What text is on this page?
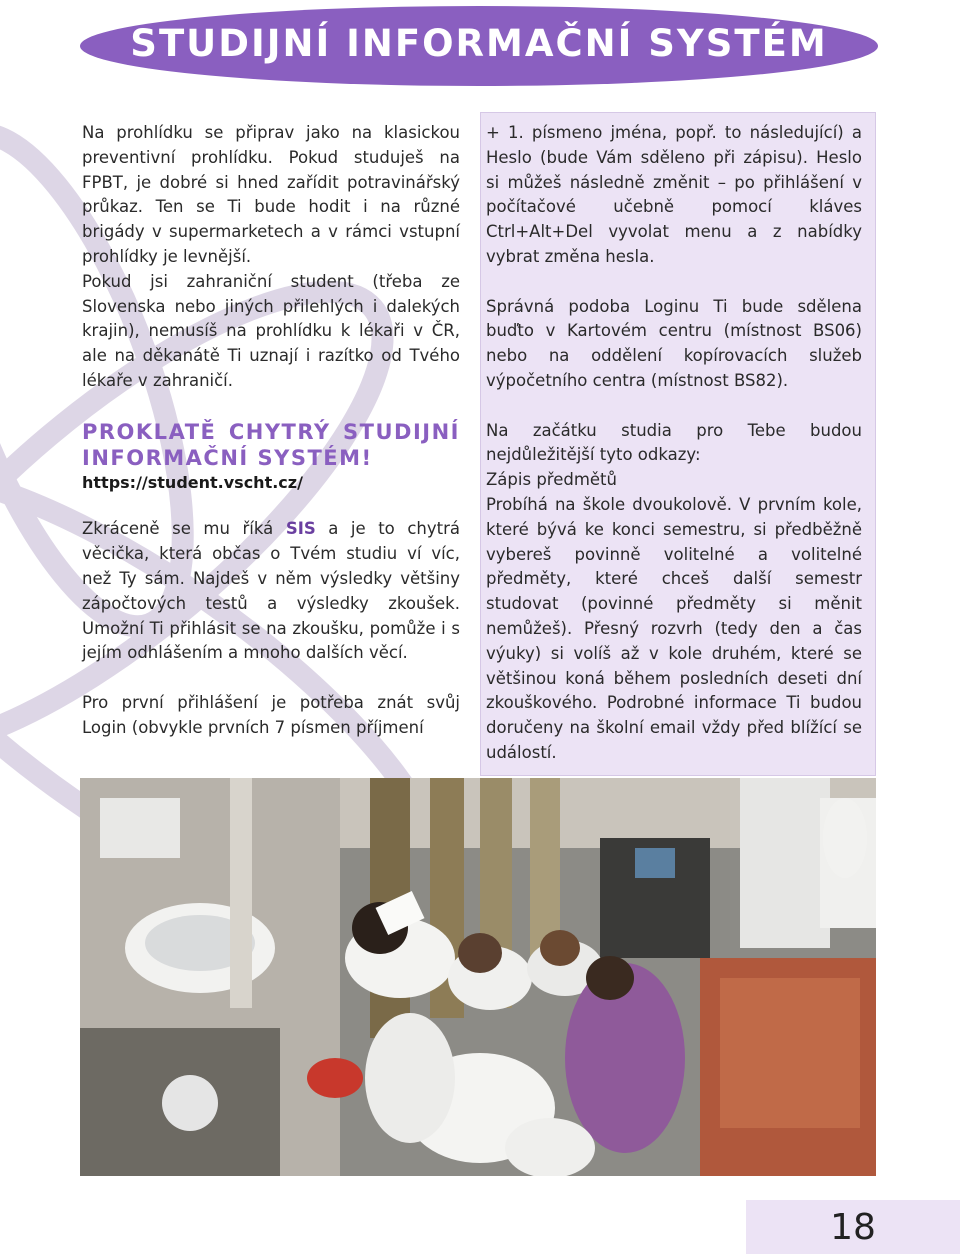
STUDIJNÍ INFORMAČNÍ SYSTÉM

Na prohlídku se připrav jako na klasickou preventivní prohlídku. Pokud studuješ na FPBT, je dobré si hned zařídit potravinářský průkaz. Ten se Ti bude hodit i na různé brigády v supermarketech a v rámci vstupní prohlídky je levnější.

Pokud jsi zahraniční student (třeba ze Slovenska nebo jiných přilehlých i dalekých krajin), nemusíš na prohlídku k lékaři v ČR, ale na děkanátě Ti uznají i razítko od Tvého lékaře v zahraničí.

PROKLATĚ CHYTRÝ STUDIJNÍ INFORMAČNÍ SYSTÉM!
https://student.vscht.cz/

Zkráceně se mu říká SIS a je to chytrá věcička, která občas o Tvém studiu ví víc, než Ty sám. Najdeš v něm výsledky většiny zápočtových testů a výsledky zkoušek. Umožní Ti přihlásit se na zkoušku, pomůže i s jejím odhlášením a mnoho dalších věcí.

Pro první přihlášení je potřeba znát svůj Login (obvykle prvních 7 písmen příjmení

+ 1. písmeno jména, popř. to následující) a Heslo (bude Vám sděleno při zápisu). Heslo si můžeš následně změnit – po přihlášení v počítačové učebně pomocí kláves Ctrl+Alt+Del vyvolat menu a z nabídky vybrat změna hesla.
Správná podoba Loginu Ti bude sdělena buďto v Kartovém centru (místnost BS06) nebo na oddělení kopírovacích služeb výpočetního centra (místnost BS82).
Na začátku studia pro Tebe budou nejdůležitější tyto odkazy:
Zápis předmětů
Probíhá na škole dvoukolově. V prvním kole, které bývá ke konci semestru, si předběžně vybereš povinně volitelné a volitelné předměty, které chceš další semestr studovat (povinné předměty si měnit nemůžeš). Přesný rozvrh (tedy den a čas výuky) si volíš až v kole druhém, které se většinou koná během posledních deseti dní zkouškového. Podrobné informace Ti budou doručeny na školní email vždy před blížící se událostí.
18
